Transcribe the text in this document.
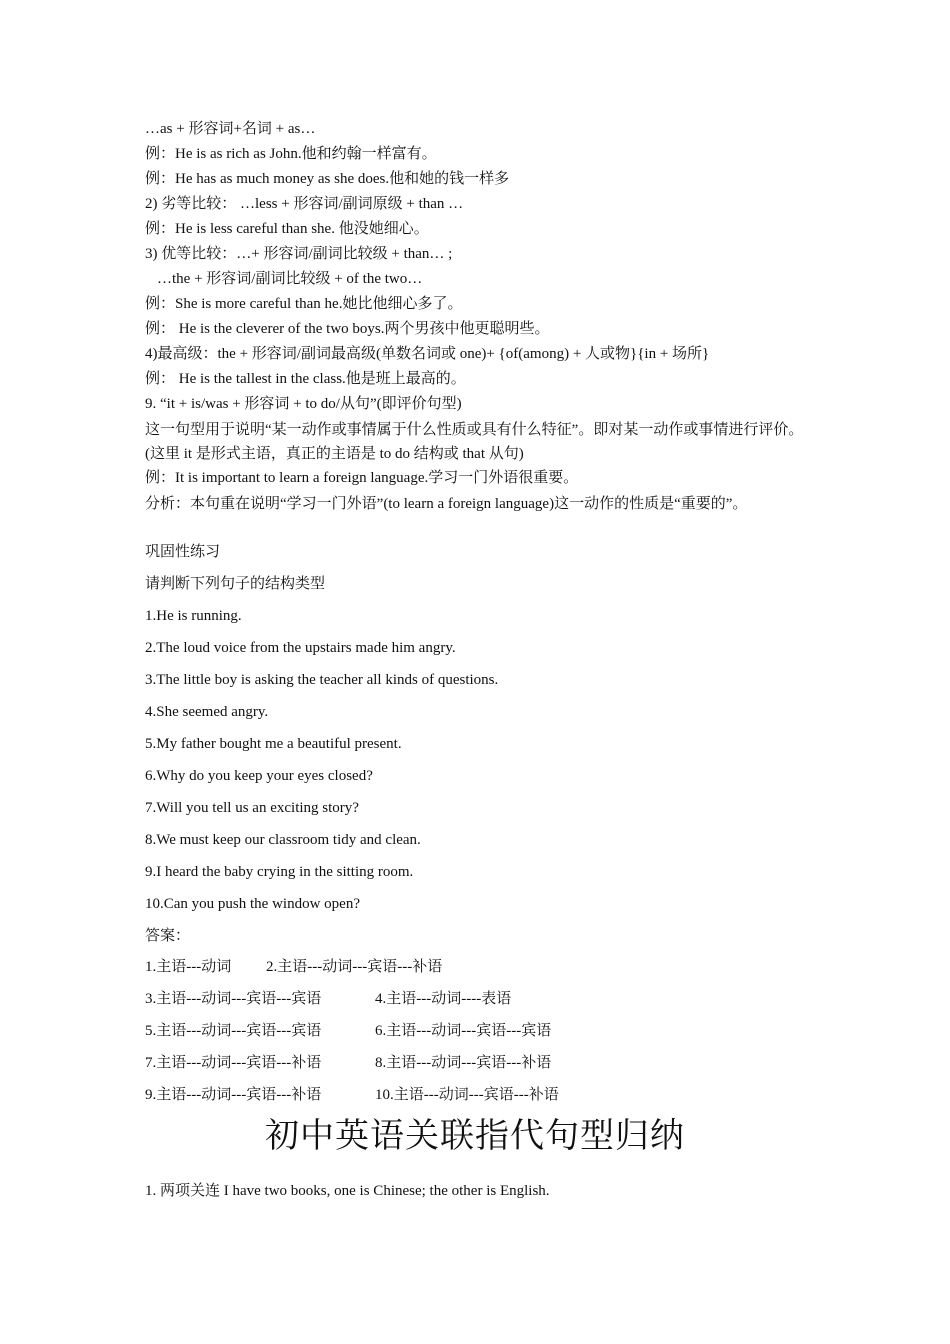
…as + 形容词+名词 + as…
例：He is as rich as John.他和约翰一样富有。
例：He has as much money as she does.他和她的钱一样多
2) 劣等比较： …less + 形容词/副词原级 + than …
例：He is less careful than she. 他没她细心。
3) 优等比较：…+ 形容词/副词比较级 + than… ;
…the + 形容词/副词比较级 + of the two…
例：She is more careful than he.她比他细心多了。
例： He is the cleverer of the two boys.两个男孩中他更聪明些。
4)最高级：the + 形容词/副词最高级(单数名词或 one)+ {of(among) + 人或物}{in + 场所}
例： He is the tallest in the class.他是班上最高的。
9. “it + is/was + 形容词 + to do/从句”(即评价句型)
这一句型用于说明“某一动作或事情属于什么性质或具有什么特征”。即对某一动作或事情进行评价。(这里 it 是形式主语，真正的主语是 to do 结构或 that 从句)
例：It is important to learn a foreign language.学习一门外语很重要。
分析：本句重在说明“学习一门外语”(to learn a foreign language)这一动作的性质是“重要的”。
巩固性练习
请判断下列句子的结构类型
1.He is running.
2.The loud voice from the upstairs made him angry.
3.The little boy is asking the teacher all kinds of questions.
4.She seemed angry.
5.My father bought me a beautiful present.
6.Why do you keep your eyes closed?
7.Will you tell us an exciting story?
8.We must keep our classroom tidy and clean.
9.I heard the baby crying in the sitting room.
10.Can you push the window open?
答案：
1.主语---动词 2.主语---动词---宾语---补语
3.主语---动词---宾语---宾语	4.主语---动词----表语
5.主语---动词---宾语---宾语	6.主语---动词---宾语---宾语
7.主语---动词---宾语---补语	8.主语---动词---宾语---补语
9.主语---动词---宾语---补语	10.主语---动词---宾语---补语
初中英语关联指代句型归纳
1. 两项关连 I have two books, one is Chinese; the other is English.
